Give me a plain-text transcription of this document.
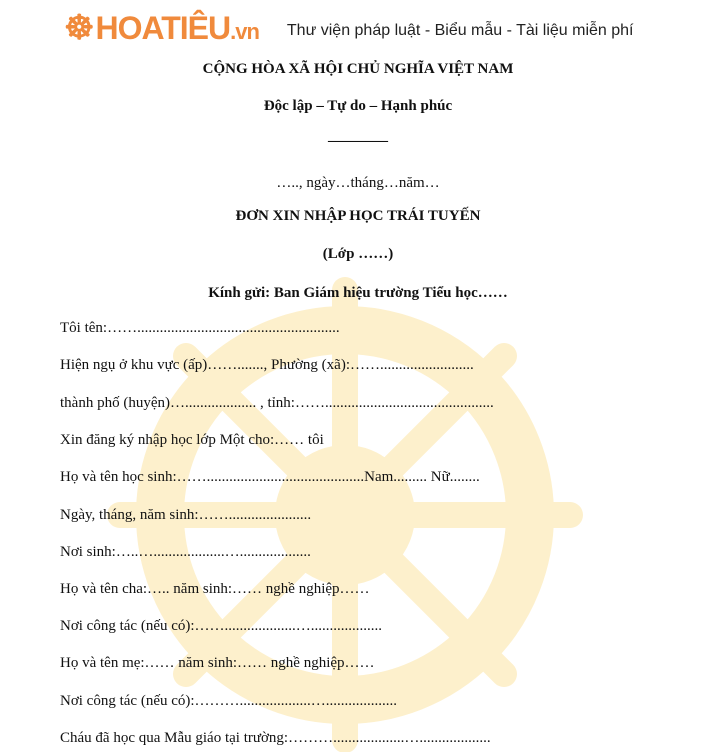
☸ HOATIÊU .vn Thư viện pháp luật - Biểu mẫu - Tài liệu miễn phí
CỘNG HÒA XÃ HỘI CHỦ NGHĨA VIỆT NAM
Độc lập – Tự do – Hạnh phúc
________
….., ngày…tháng…năm…
ĐƠN XIN NHẬP HỌC TRÁI TUYẾN
(Lớp ……)
Kính gửi: Ban Giám hiệu trường Tiểu học……
Tôi tên:……......................................................
Hiện ngụ ở khu vực (ấp)……......., Phường (xã):…….........................
thành phố (huyện)…................... , tỉnh:…….............................................
Xin đăng ký nhập học lớp Một cho:…… tôi
Họ và tên học sinh:……..........................................Nam......... Nữ........
Ngày, tháng, năm sinh:……......................
Nơi sinh:…..…...................…...................
Họ và tên cha:….. năm sinh:…… nghề nghiệp……
Nơi công tác (nếu có):……...................…...................
Họ và tên mẹ:…… năm sinh:…… nghề nghiệp……
Nơi công tác (nếu có):………...................…...................
Cháu đã học qua Mẫu giáo tại trường:………...................…...................
